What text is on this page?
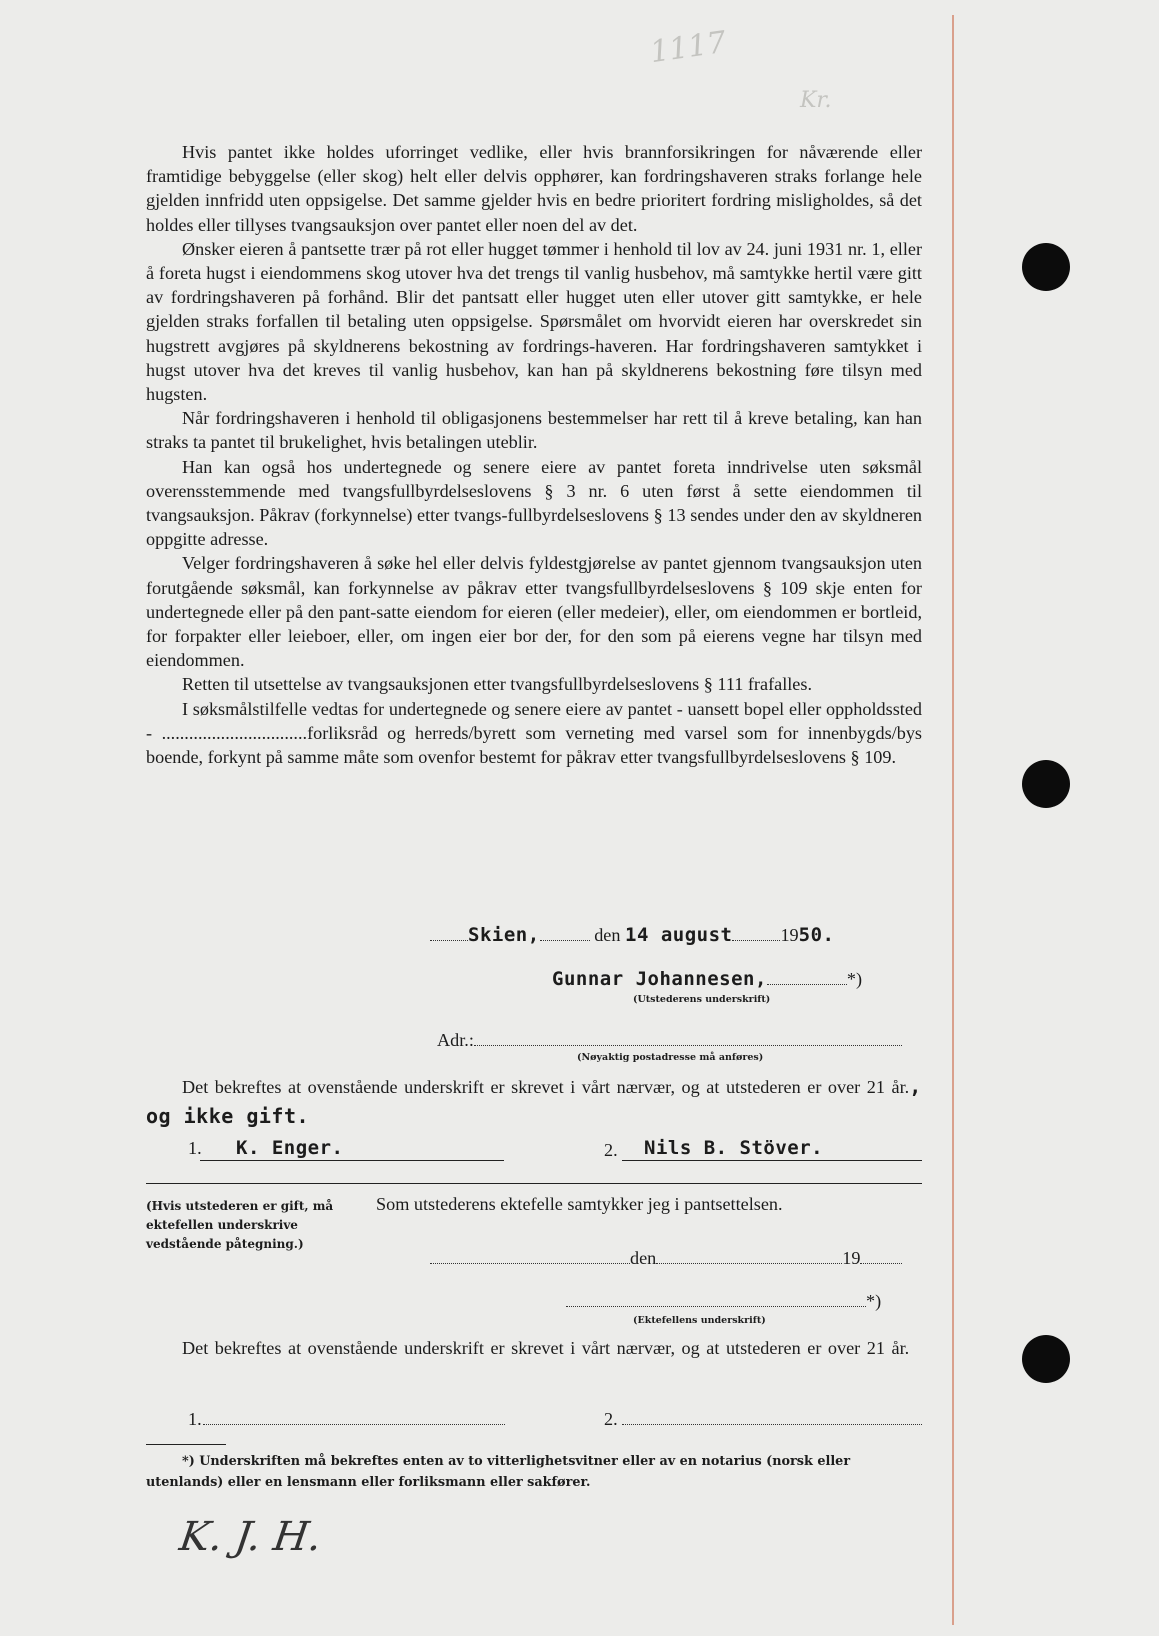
1117
Kr.

Hvis pantet ikke holdes uforringet vedlike, eller hvis brannforsikringen for nåværende eller framtidige bebyggelse (eller skog) helt eller delvis opphører, kan fordringshaveren straks forlange hele gjelden innfridd uten oppsigelse. Det samme gjelder hvis en bedre prioritert fordring misligholdes, så det holdes eller tillyses tvangsauksjon over pantet eller noen del av det.

Ønsker eieren å pantsette trær på rot eller hugget tømmer i henhold til lov av 24. juni 1931 nr. 1, eller å foreta hugst i eiendommens skog utover hva det trengs til vanlig husbehov, må samtykke hertil være gitt av fordringshaveren på forhånd. Blir det pantsatt eller hugget uten eller utover gitt samtykke, er hele gjelden straks forfallen til betaling uten oppsigelse. Spørsmålet om hvorvidt eieren har overskredet sin hugstrett avgjøres på skyldnerens bekostning av fordrings-haveren. Har fordringshaveren samtykket i hugst utover hva det kreves til vanlig husbehov, kan han på skyldnerens bekostning føre tilsyn med hugsten.

Når fordringshaveren i henhold til obligasjonens bestemmelser har rett til å kreve betaling, kan han straks ta pantet til brukelighet, hvis betalingen uteblir.

Han kan også hos undertegnede og senere eiere av pantet foreta inndrivelse uten søksmål overensstemmende med tvangsfullbyrdelseslovens § 3 nr. 6 uten først å sette eiendommen til tvangsauksjon. Påkrav (forkynnelse) etter tvangs-fullbyrdelseslovens § 13 sendes under den av skyldneren oppgitte adresse.

Velger fordringshaveren å søke hel eller delvis fyldestgjørelse av pantet gjennom tvangsauksjon uten forutgående søksmål, kan forkynnelse av påkrav etter tvangsfullbyrdelseslovens § 109 skje enten for undertegnede eller på den pant-satte eiendom for eieren (eller medeier), eller, om eiendommen er bortleid, for forpakter eller leieboer, eller, om ingen eier bor der, for den som på eierens vegne har tilsyn med eiendommen.

Retten til utsettelse av tvangsauksjonen etter tvangsfullbyrdelseslovens § 111 frafalles.

I søksmålstilfelle vedtas for undertegnede og senere eiere av pantet - uansett bopel eller oppholdssted - ................................forliksråd og herreds/byrett som verneting med varsel som for innenbygds/bys boende, forkynt på samme måte som ovenfor bestemt for påkrav etter tvangsfullbyrdelseslovens § 109.

Skien,	den 14 august	1950.
Gunnar Johannesen,	*)
(Utstederens underskrift)
Adr.:
(Nøyaktig postadresse må anføres)
Det bekreftes at ovenstående underskrift er skrevet i vårt nærvær, og at utstederen er over 21 år., og ikke gift.
1. K. Enger.	2. Nils B. Stöver.
(Hvis utstederen er gift, må ektefellen underskrive vedstående påtegning.)
Som utstederens ektefelle samtykker jeg i pantsettelsen.
den	19
*)
(Ektefellens underskrift)
Det bekreftes at ovenstående underskrift er skrevet i vårt nærvær, og at utstederen er over 21 år.
1.	2.
*) Underskriften må bekreftes enten av to vitterlighetsvitner eller av en notarius (norsk eller utenlands) eller en lensmann eller forliksmann eller sakfører.
K. J. H.
